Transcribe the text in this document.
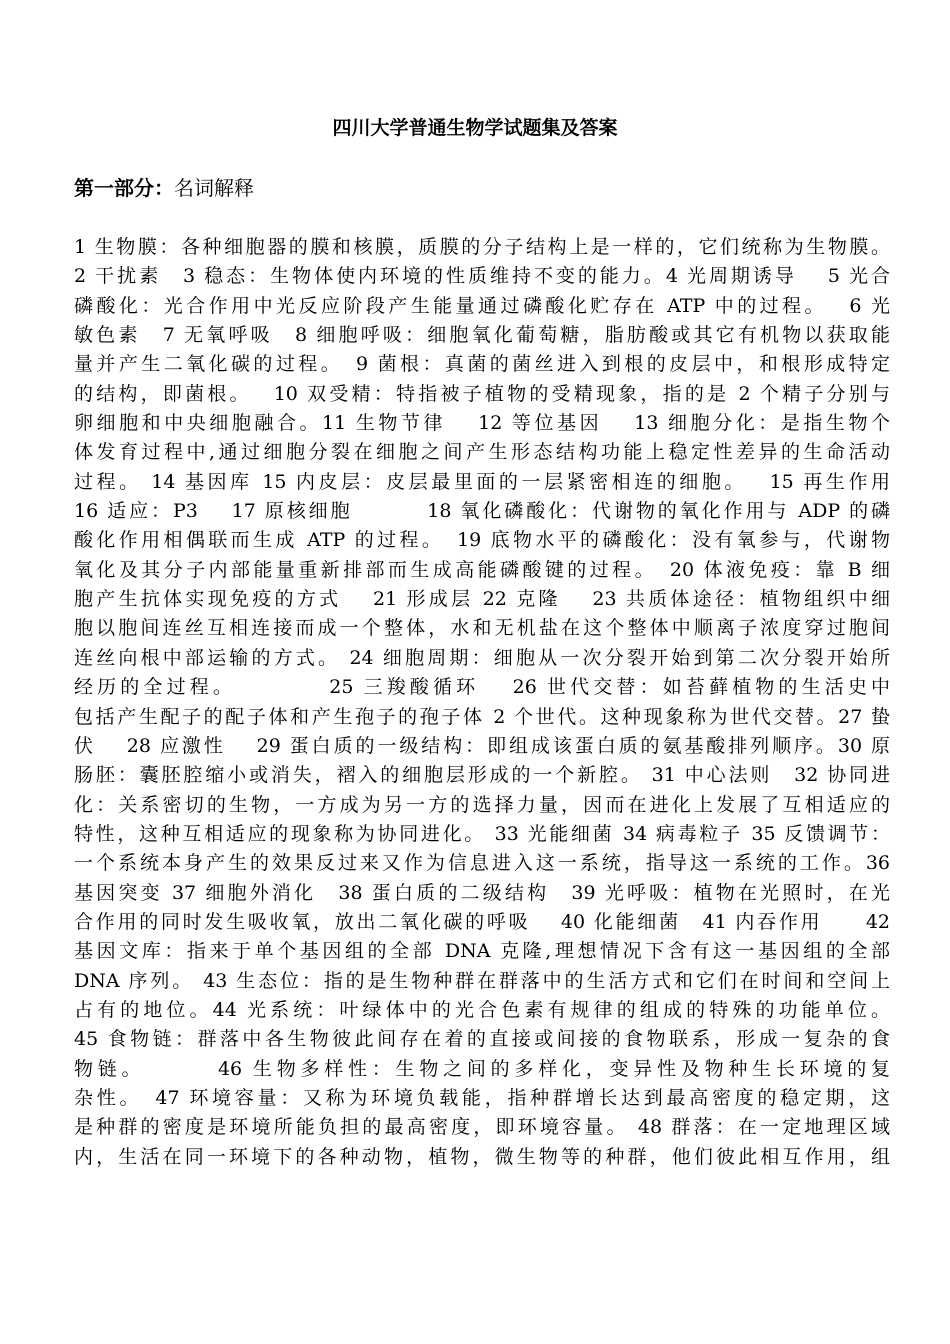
四川大学普通生物学试题集及答案
第一部分：名词解释
1 生物膜：各种细胞器的膜和核膜，质膜的分子结构上是一样的，它们统称为生物膜。
2 干扰素　3 稳态：生物体使内环境的性质维持不变的能力。4 光周期诱导　 5 光合
磷酸化：光合作用中光反应阶段产生能量通过磷酸化贮存在 ATP 中的过程。　 6 光
敏色素　7 无氧呼吸　8 细胞呼吸：细胞氧化葡萄糖，脂肪酸或其它有机物以获取能
量并产生二氧化碳的过程。　9 菌根：真菌的菌丝进入到根的皮层中，和根形成特定
的结构，即菌根。　 10 双受精：特指被子植物的受精现象，指的是 2 个精子分别与
卵细胞和中央细胞融合。11 生物节律　 12 等位基因　 13 细胞分化：是指生物个
体发育过程中,通过细胞分裂在细胞之间产生形态结构功能上稳定性差异的生命活动
过程。 14 基因库 15 内皮层：皮层最里面的一层紧密相连的细胞。　 15 再生作用
16 适应：P3　 17 原核细胞　　　 18 氧化磷酸化：代谢物的氧化作用与 ADP 的磷
酸化作用相偶联而生成 ATP 的过程。　19 底物水平的磷酸化：没有氧参与，代谢物
氧化及其分子内部能量重新排部而生成高能磷酸键的过程。　20 体液免疫：靠 B 细
胞产生抗体实现免疫的方式　 21 形成层 22 克隆　 23 共质体途径：植物组织中细
胞以胞间连丝互相连接而成一个整体，水和无机盐在这个整体中顺离子浓度穿过胞间
连丝向根中部运输的方式。 24 细胞周期：细胞从一次分裂开始到第二次分裂开始所
经历的全过程。　　　　 25 三羧酸循环　 26 世代交替：如苔藓植物的生活史中
包括产生配子的配子体和产生孢子的孢子体 2 个世代。这种现象称为世代交替。27 蛰
伏　 28 应激性　 29 蛋白质的一级结构：即组成该蛋白质的氨基酸排列顺序。30 原
肠胚：囊胚腔缩小或消失，褶入的细胞层形成的一个新腔。 31 中心法则　32 协同进
化：关系密切的生物，一方成为另一方的选择力量，因而在进化上发展了互相适应的
特性，这种互相适应的现象称为协同进化。 33 光能细菌 34 病毒粒子 35 反馈调节：
一个系统本身产生的效果反过来又作为信息进入这一系统，指导这一系统的工作。36
基因突变 37 细胞外消化　38 蛋白质的二级结构　39 光呼吸：植物在光照时，在光
合作用的同时发生吸收氧，放出二氧化碳的呼吸　 40 化能细菌　41 内吞作用　　42
基因文库：指来于单个基因组的全部 DNA 克隆,理想情况下含有这一基因组的全部
DNA 序列。 43 生态位：指的是生物种群在群落中的生活方式和它们在时间和空间上
占有的地位。44 光系统：叶绿体中的光合色素有规律的组成的特殊的功能单位。
45 食物链：群落中各生物彼此间存在着的直接或间接的食物联系，形成一复杂的食
物链。　　　 46 生物多样性：生物之间的多样化，变异性及物种生长环境的复
杂性。　47 环境容量：又称为环境负载能，指种群增长达到最高密度的稳定期，这
是种群的密度是环境所能负担的最高密度，即环境容量。 48 群落：在一定地理区域
内，生活在同一环境下的各种动物，植物，微生物等的种群，他们彼此相互作用，组
